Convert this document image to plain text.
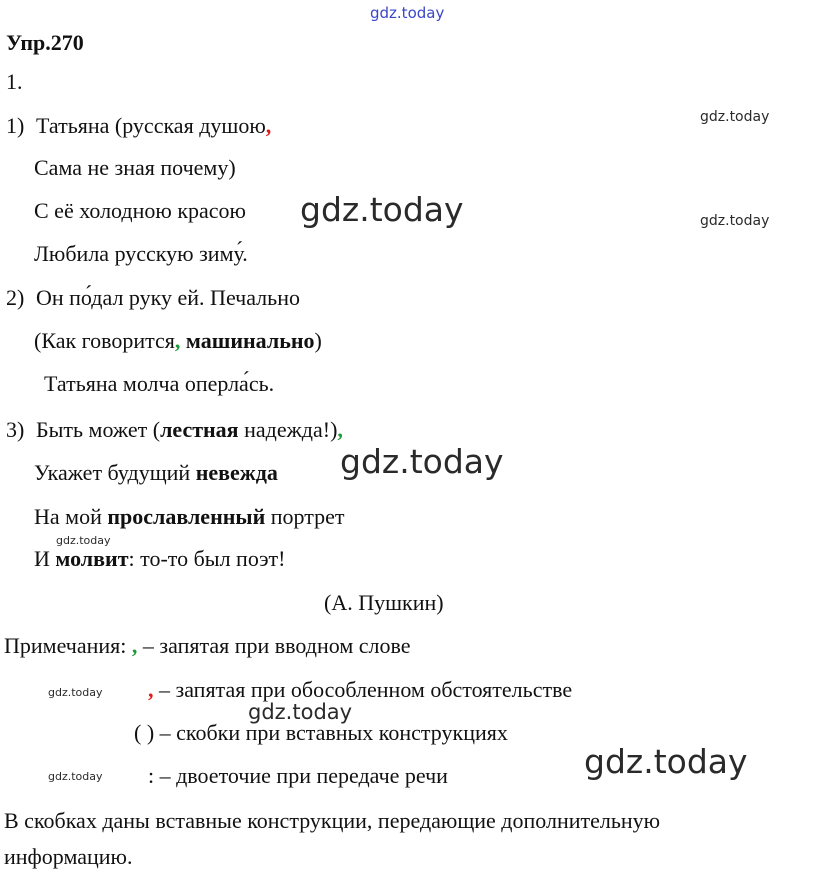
gdz.today
gdz.today
gdz.today	gdz.today
gdz.today
gdz.today
gdz.today
gdz.today
gdz.today
gdz.today
Упр.270
1.
1) Татьяна (русская душою,
Сама не зная почему)
С её холодною красою
Любила русскую зиму́.
2) Он по́дал руку ей. Печально
(Как говорится, машинально)
Татьяна молча оперла́сь.
3) Быть может (лестная надежда!),
Укажет будущий невежда
На мой прославленный портрет
И молвит: то-то был поэт!
(А. Пушкин)
Примечания: , – запятая при вводном слове
, – запятая при обособленном обстоятельстве
( ) – скобки при вставных конструкциях
: – двоеточие при передаче речи
В скобках даны вставные конструкции, передающие дополнительную
информацию.
